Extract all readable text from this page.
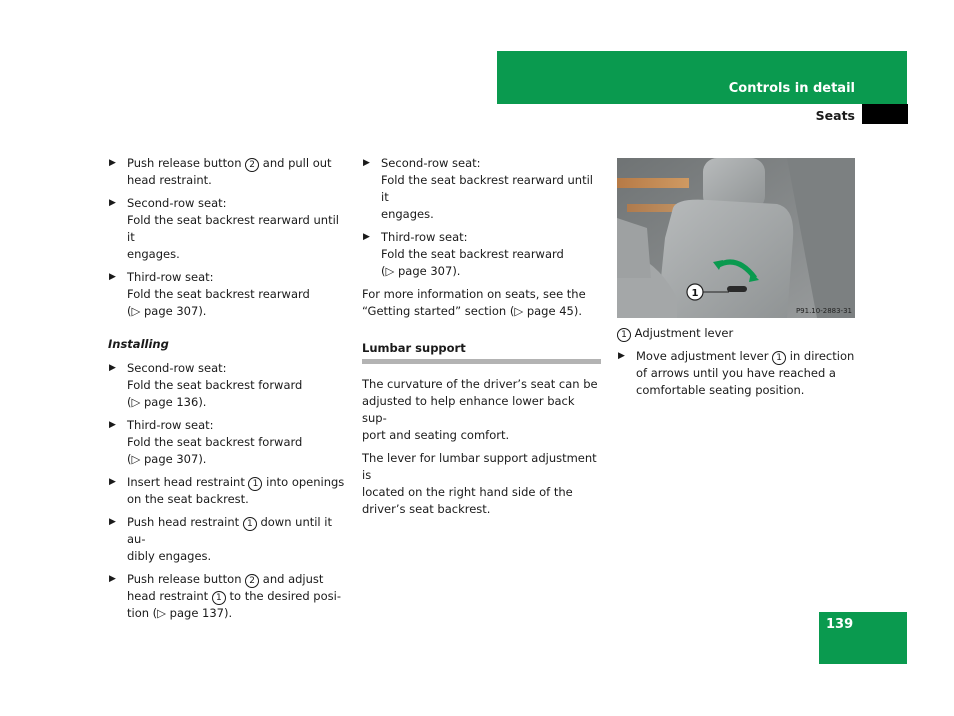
Controls in detail
Seats
▶ Push release button 2 and pull out
head restraint.
▶ Second-row seat:
Fold the seat backrest rearward until it
engages.
▶ Third-row seat:
Fold the seat backrest rearward
(▷ page 307).
Installing
▶ Second-row seat:
Fold the seat backrest forward
(▷ page 136).
▶ Third-row seat:
Fold the seat backrest forward
(▷ page 307).
▶ Insert head restraint 1 into openings
on the seat backrest.
▶ Push head restraint 1 down until it au-
dibly engages.
▶ Push release button 2 and adjust
head restraint 1 to the desired posi-
tion (▷ page 137).
▶ Second-row seat:
Fold the seat backrest rearward until it
engages.
▶ Third-row seat:
Fold the seat backrest rearward
(▷ page 307).

For more information on seats, see the
“Getting started” section (▷ page 45).

Lumbar support

The curvature of the driver’s seat can be
adjusted to help enhance lower back sup-
port and seating comfort.

The lever for lumbar support adjustment is
located on the right hand side of the
driver’s seat backrest.

1
P91.10-2883-31
1 Adjustment lever
▶ Move adjustment lever 1 in direction
of arrows until you have reached a
comfortable seating position.
139
